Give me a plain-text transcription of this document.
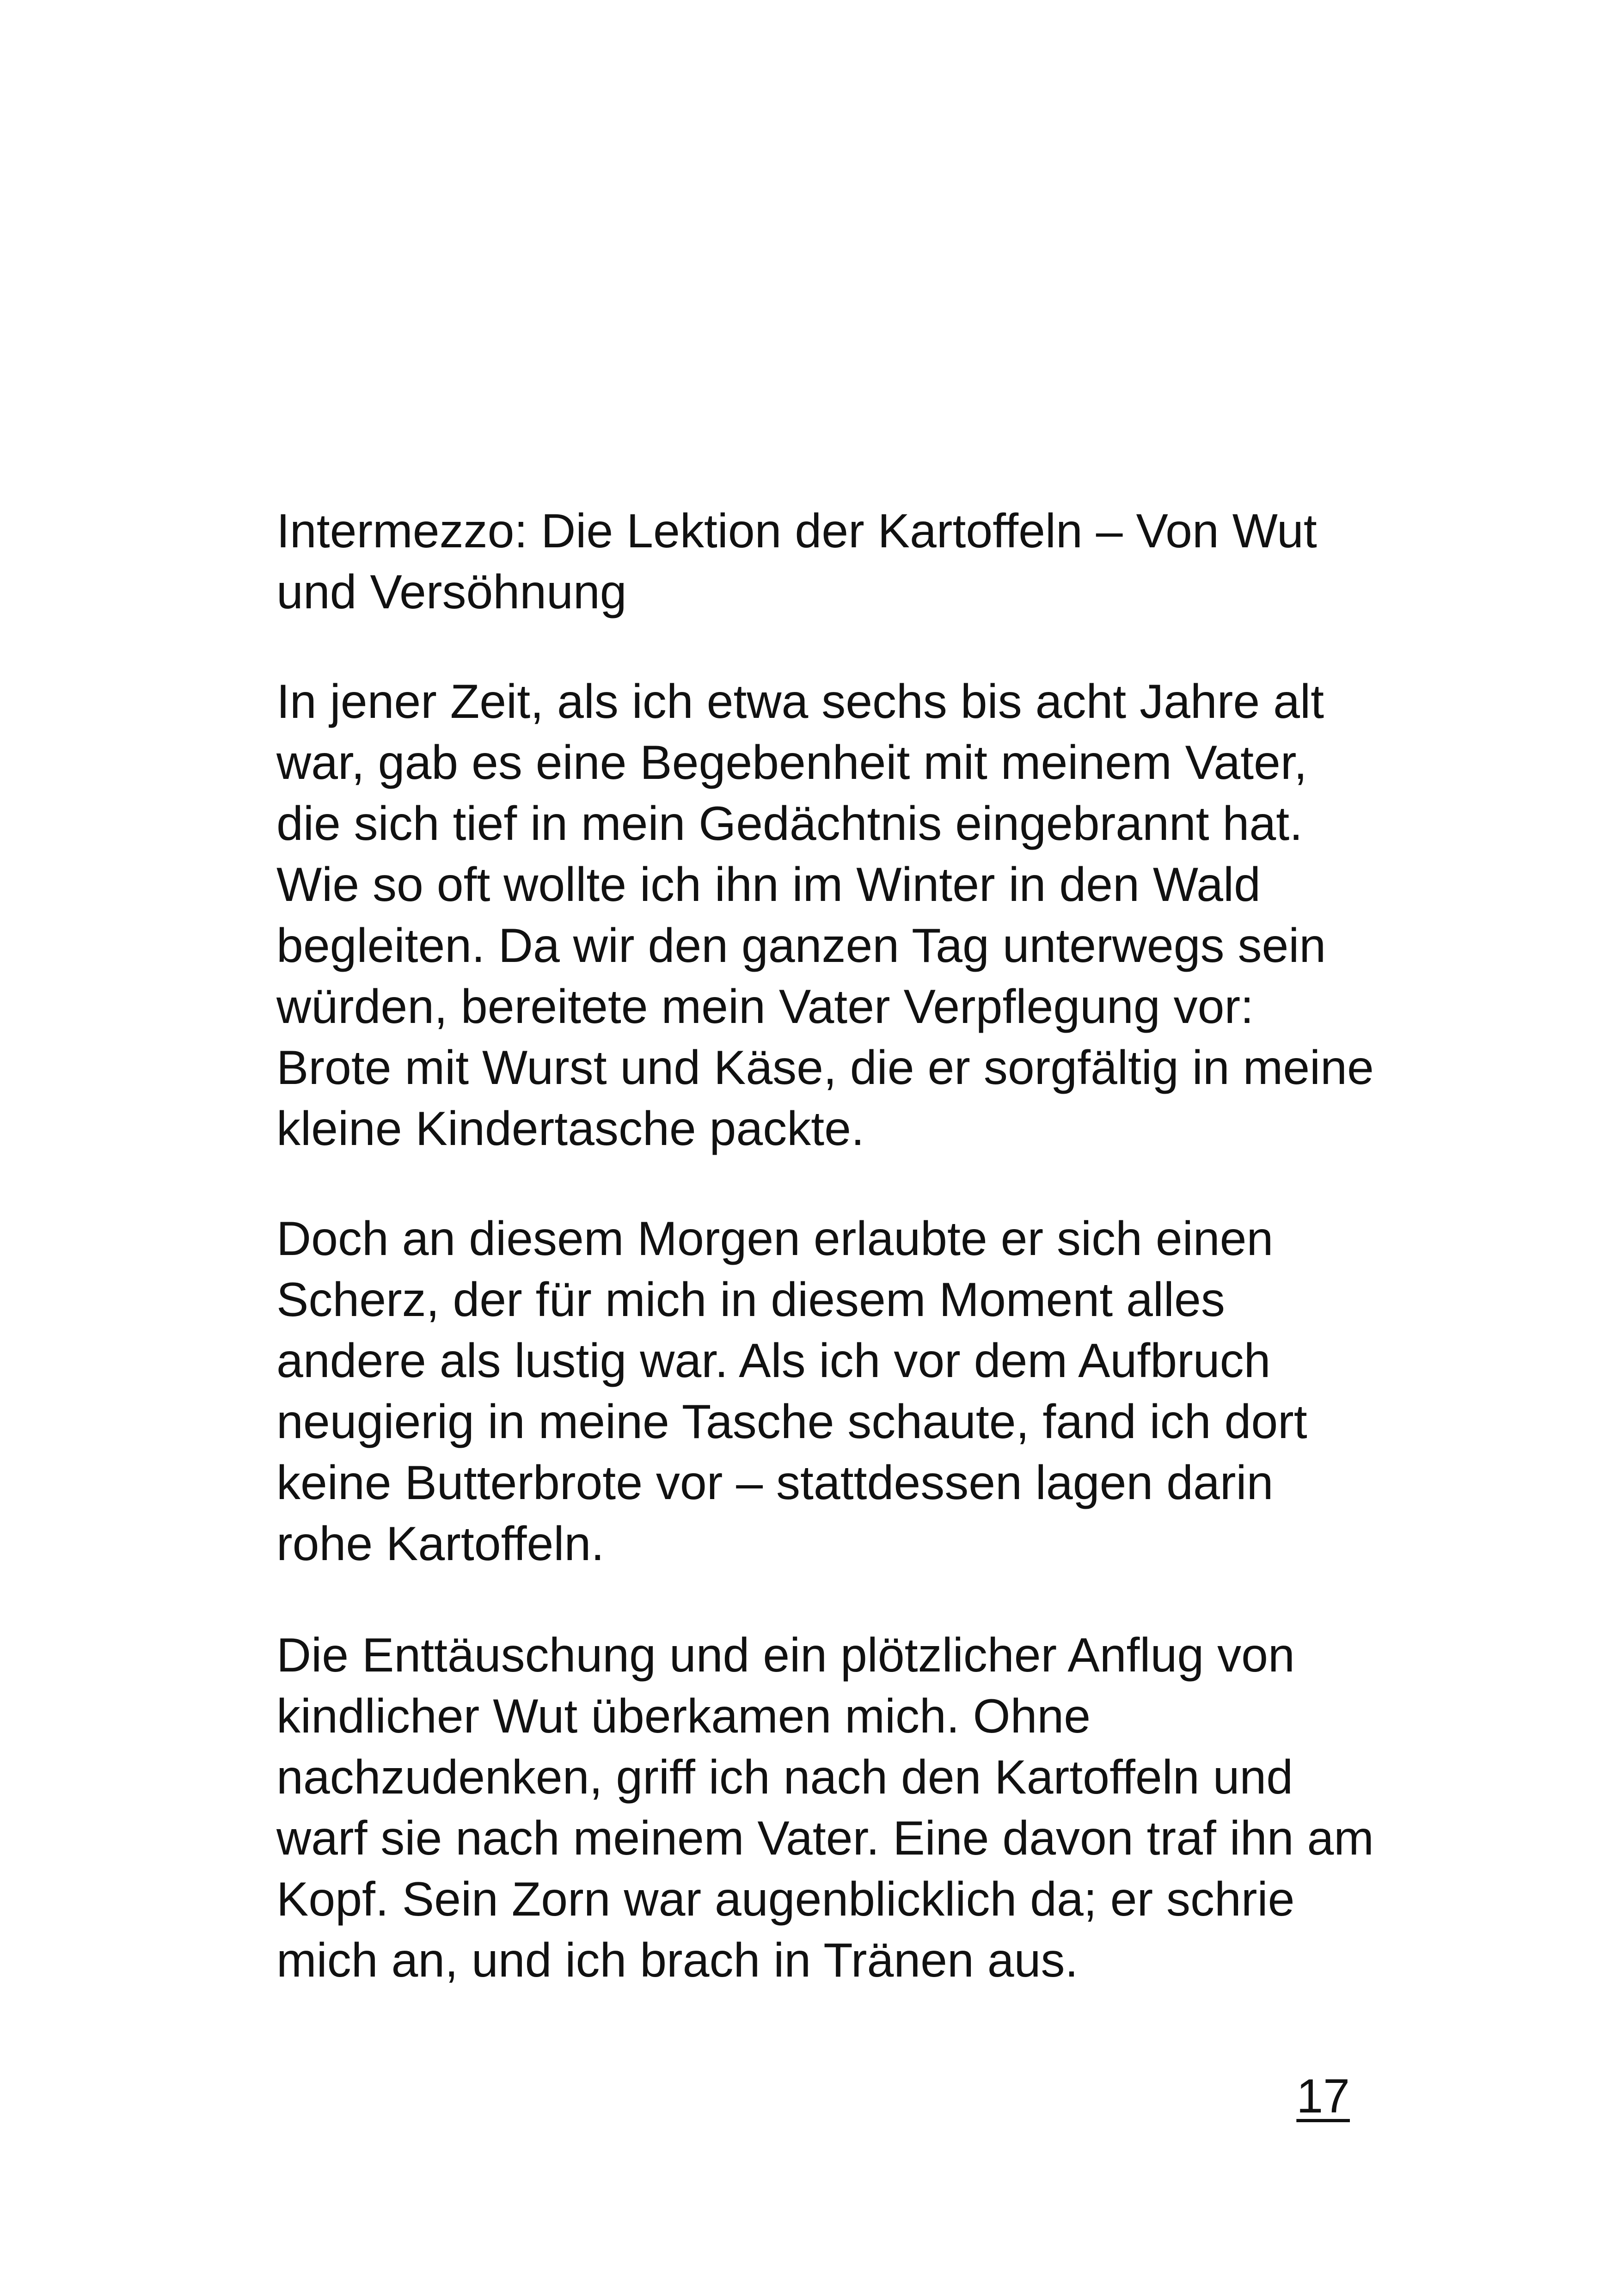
Intermezzo: Die Lektion der Kartoffeln – Von Wut
und Versöhnung
In jener Zeit, als ich etwa sechs bis acht Jahre alt
war, gab es eine Begebenheit mit meinem Vater,
die sich tief in mein Gedächtnis eingebrannt hat.
Wie so oft wollte ich ihn im Winter in den Wald
begleiten. Da wir den ganzen Tag unterwegs sein
würden, bereitete mein Vater Verpflegung vor:
Brote mit Wurst und Käse, die er sorgfältig in meine
kleine Kindertasche packte.
Doch an diesem Morgen erlaubte er sich einen
Scherz, der für mich in diesem Moment alles
andere als lustig war. Als ich vor dem Aufbruch
neugierig in meine Tasche schaute, fand ich dort
keine Butterbrote vor – stattdessen lagen darin
rohe Kartoffeln.
Die Enttäuschung und ein plötzlicher Anflug von
kindlicher Wut überkamen mich. Ohne
nachzudenken, griff ich nach den Kartoffeln und
warf sie nach meinem Vater. Eine davon traf ihn am
Kopf. Sein Zorn war augenblicklich da; er schrie
mich an, und ich brach in Tränen aus.
17
